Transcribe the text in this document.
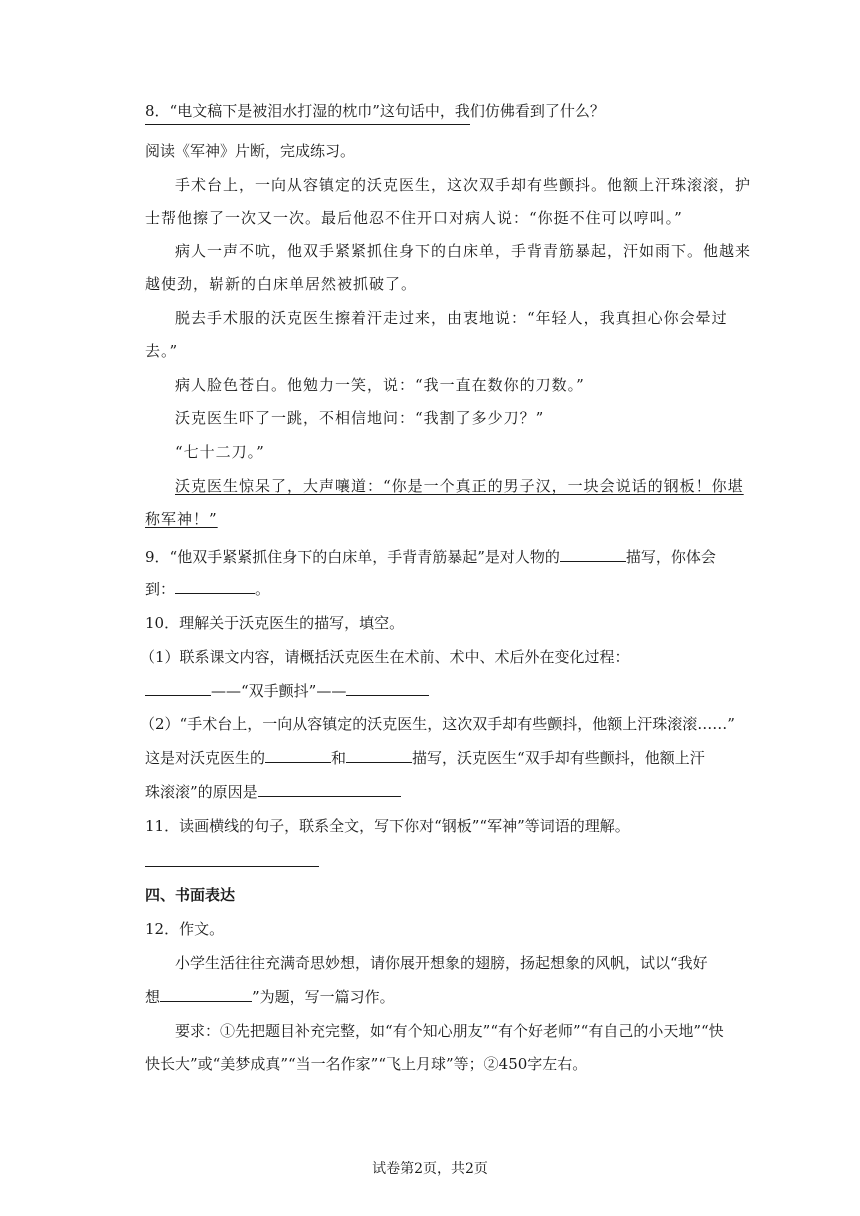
8．“电文稿下是被泪水打湿的枕巾”这句话中，我们仿佛看到了什么？
阅读《军神》片断，完成练习。
手术台上，一向从容镇定的沃克医生，这次双手却有些颤抖。他额上汗珠滚滚，护
士帮他擦了一次又一次。最后他忍不住开口对病人说：“你挺不住可以哼叫。”
病人一声不吭，他双手紧紧抓住身下的白床单，手背青筋暴起，汗如雨下。他越来
越使劲，崭新的白床单居然被抓破了。
脱去手术服的沃克医生擦着汗走过来，由衷地说：“年轻人，我真担心你会晕过
去。”
病人脸色苍白。他勉力一笑，说：“我一直在数你的刀数。”
沃克医生吓了一跳，不相信地问：“我割了多少刀？”
“七十二刀。”
沃克医生惊呆了，大声嚷道：“你是一个真正的男子汉，一块会说话的钢板！你堪
称军神！”
9．“他双手紧紧抓住身下的白床单，手背青筋暴起”是对人物的	描写，你体会
到：	。
10．理解关于沃克医生的描写，填空。
（1）联系课文内容，请概括沃克医生在术前、术中、术后外在变化过程：
——“双手颤抖”——
（2）“手术台上，一向从容镇定的沃克医生，这次双手却有些颤抖，他额上汗珠滚滚……”
这是对沃克医生的	和	描写，沃克医生“双手却有些颤抖，他额上汗
珠滚滚”的原因是
11．读画横线的句子，联系全文，写下你对“钢板”“军神”等词语的理解。
四、书面表达
12．作文。
小学生活往往充满奇思妙想，请你展开想象的翅膀，扬起想象的风帆，试以“我好
想	”为题，写一篇习作。
要求：①先把题目补充完整，如“有个知心朋友”“有个好老师”“有自己的小天地”“快
快长大”或“美梦成真”“当一名作家”“飞上月球”等；②450字左右。
试卷第2页，共2页
